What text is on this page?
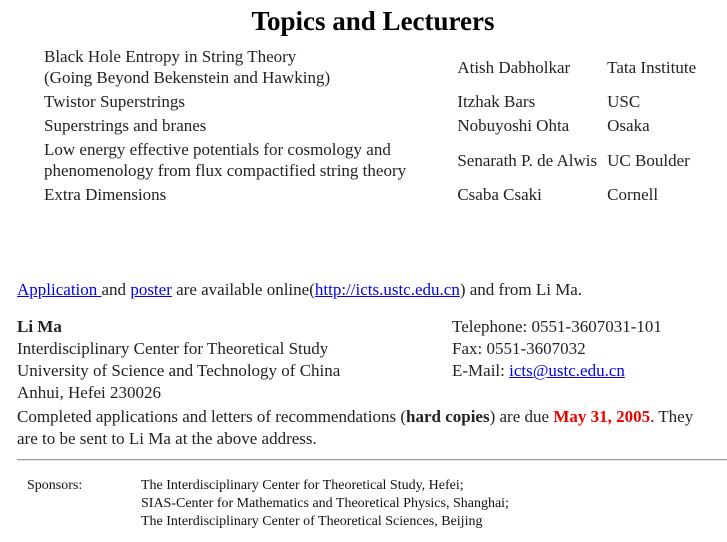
Topics and Lecturers
Black Hole Entropy in String Theory
(Going Beyond Bekenstein and Hawking)	Atish Dabholkar	Tata Institute
Twistor Superstrings	Itzhak Bars	USC
Superstrings and branes	Nobuyoshi Ohta	Osaka
Low energy effective potentials for cosmology and
phenomenology from flux compactified string theory	Senarath P. de Alwis	UC Boulder
Extra Dimensions	Csaba Csaki	Cornell
Application and poster are available online(http://icts.ustc.edu.cn) and from Li Ma.
Li Ma
Interdisciplinary Center for Theoretical Study
University of Science and Technology of China
Anhui, Hefei 230026
Telephone: 0551-3607031-101
Fax: 0551-3607032
E-Mail: icts@ustc.edu.cn
Completed applications and letters of recommendations (hard copies) are due May 31, 2005. They are to be sent to Li Ma at the above address.
Sponsors:	The Interdisciplinary Center for Theoretical Study, Hefei;
SIAS-Center for Mathematics and Theoretical Physics, Shanghai;
The Interdisciplinary Center of Theoretical Sciences, Beijing
